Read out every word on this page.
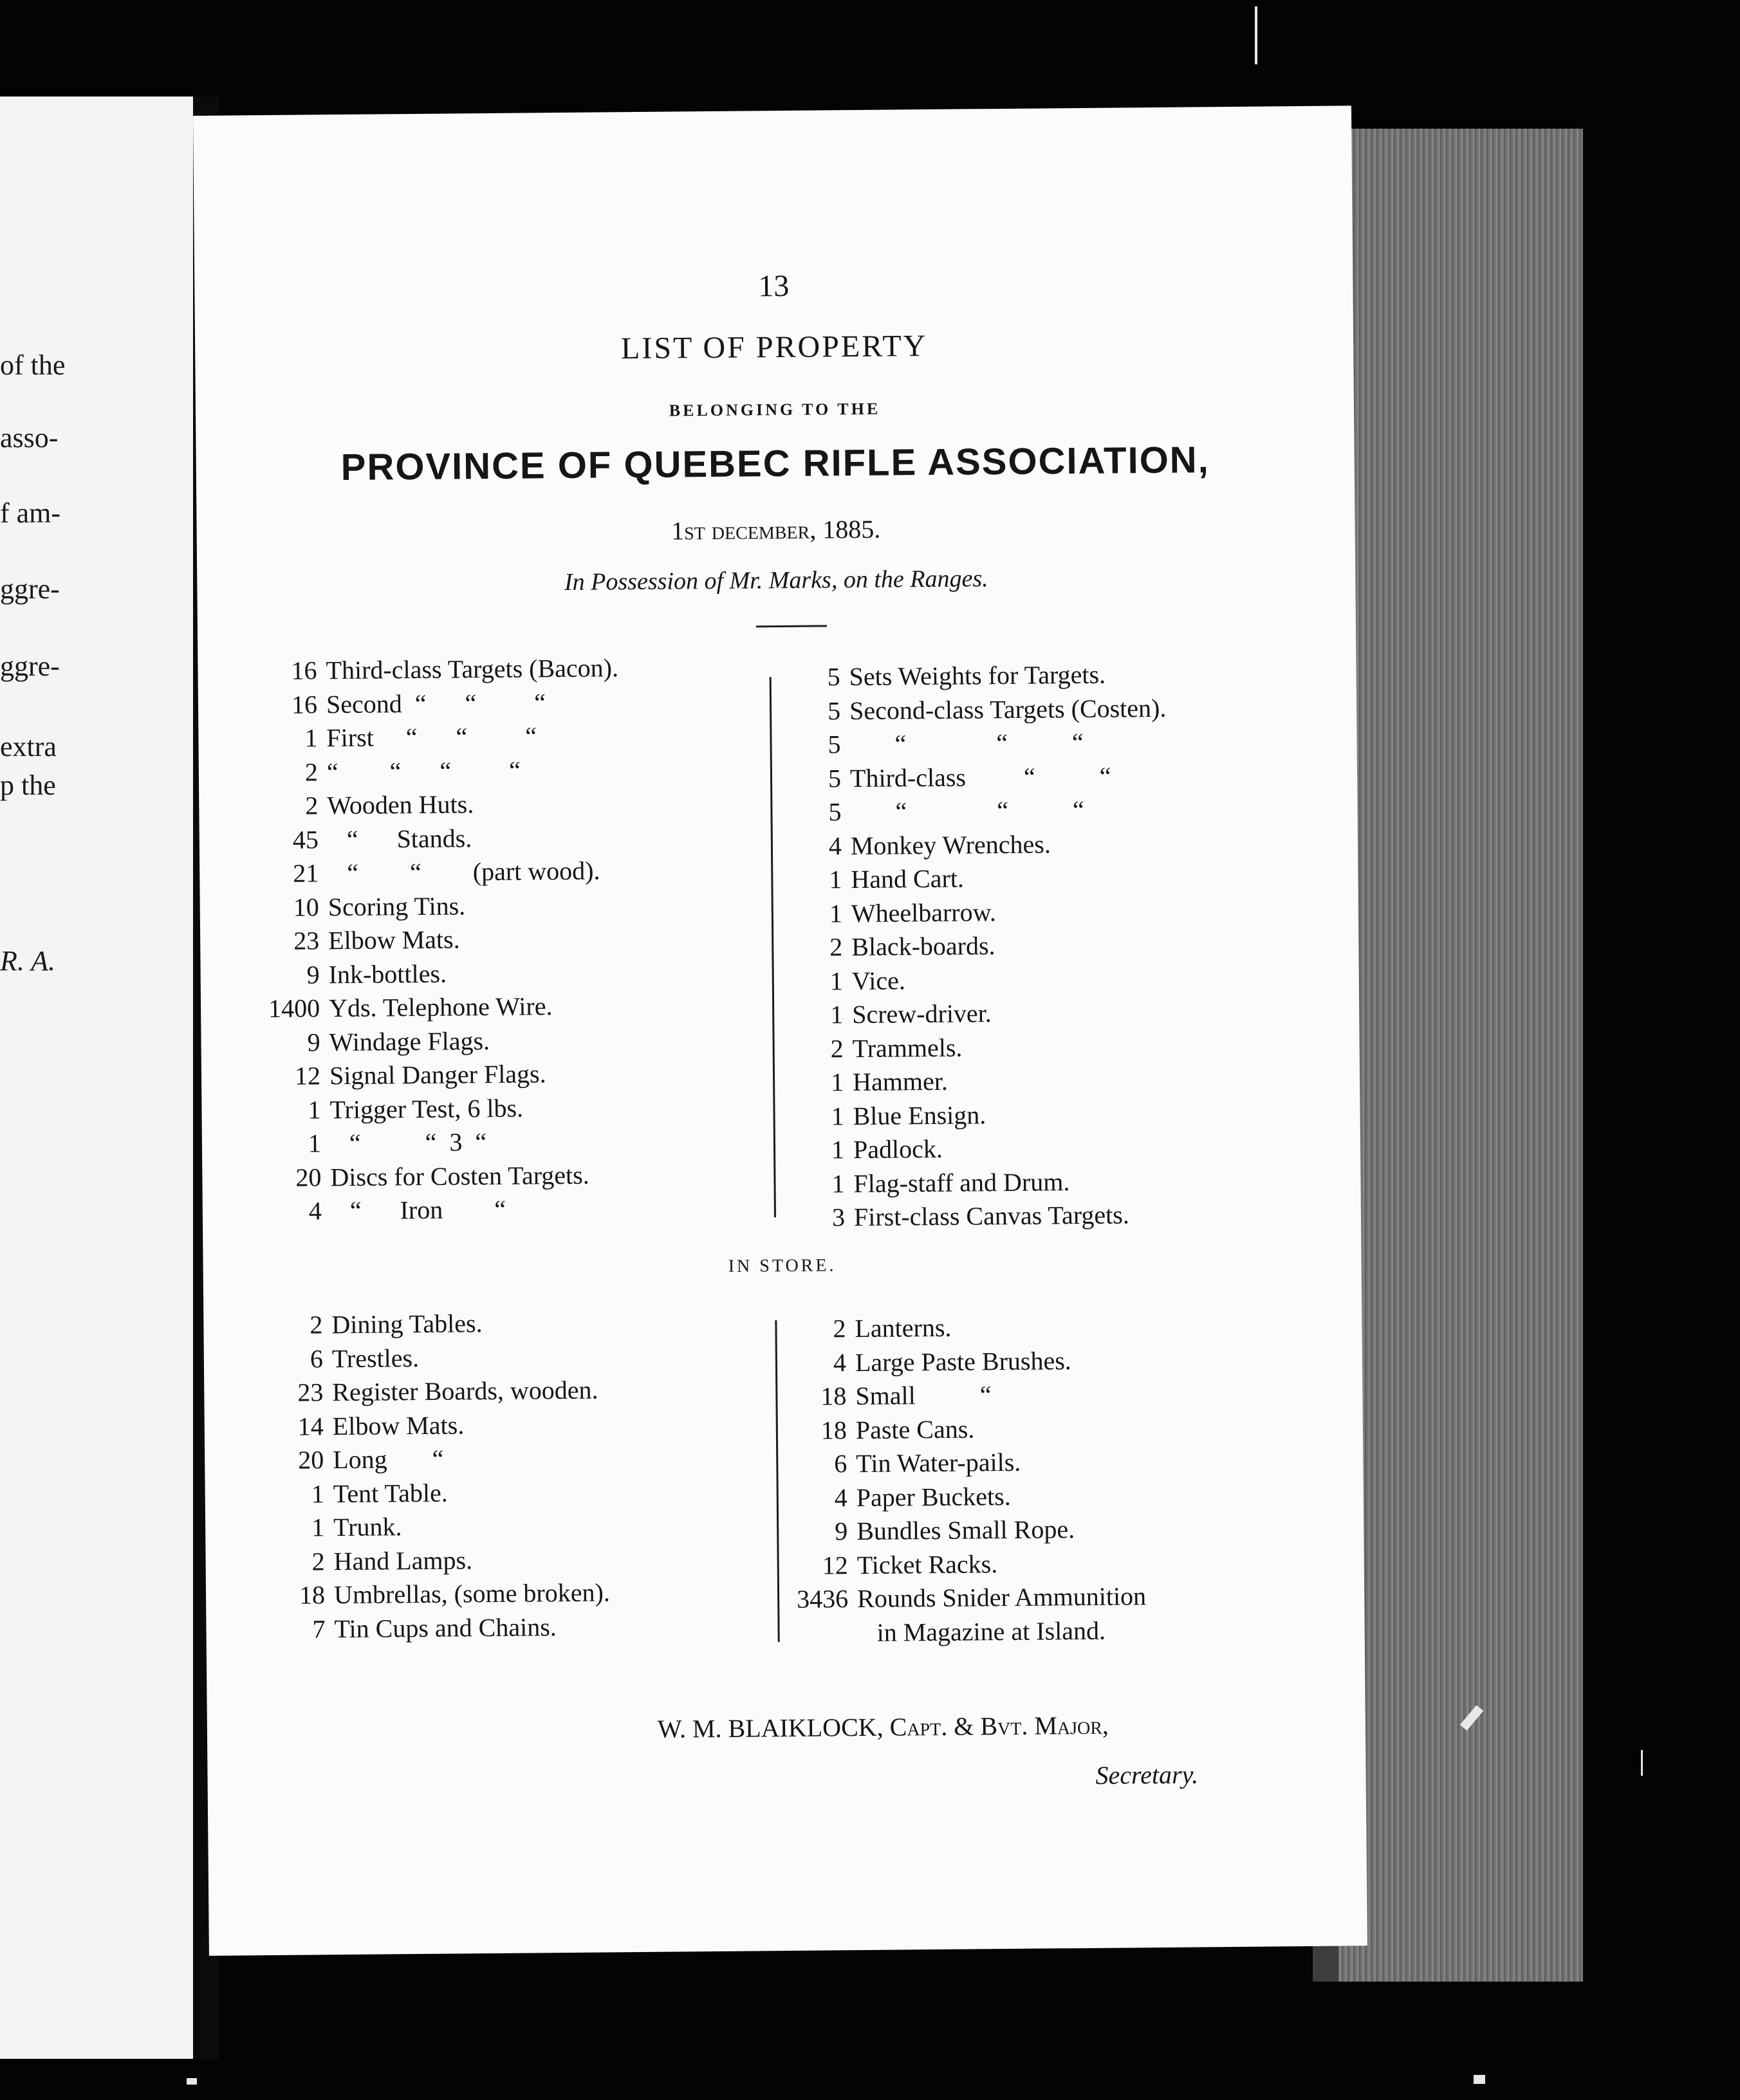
of the
asso-
f am-
ggre-
ggre-
extra
p the
R. A.
13
LIST OF PROPERTY
BELONGING TO THE
PROVINCE OF QUEBEC RIFLE ASSOCIATION,
1st december, 1885.
In Possession of Mr. Marks, on the Ranges.
16 Third-class Targets (Bacon).
16 Second  “      “         “
1 First     “      “         “
2 “        “      “         “
2 Wooden Huts.
45 “      Stands.
21 “        “        (part wood).
10 Scoring Tins.
23 Elbow Mats.
9 Ink-bottles.
1400 Yds. Telephone Wire.
9 Windage Flags.
12 Signal Danger Flags.
1 Trigger Test, 6 lbs.
1 “          “  3  “
20 Discs for Costen Targets.
4 “      Iron        “
5 Sets Weights for Targets.
5 Second-class Targets (Costen).
5 “              “          “
5 Third-class         “          “
5 “              “          “
4 Monkey Wrenches.
1 Hand Cart.
1 Wheelbarrow.
2 Black-boards.
1 Vice.
1 Screw-driver.
2 Trammels.
1 Hammer.
1 Blue Ensign.
1 Padlock.
1 Flag-staff and Drum.
3 First-class Canvas Targets.
IN STORE.
2 Dining Tables.
6 Trestles.
23 Register Boards, wooden.
14 Elbow Mats.
20 Long       “
1 Tent Table.
1 Trunk.
2 Hand Lamps.
18 Umbrellas, (some broken).
7 Tin Cups and Chains.
2 Lanterns.
4 Large Paste Brushes.
18 Small          “
18 Paste Cans.
6 Tin Water-pails.
4 Paper Buckets.
9 Bundles Small Rope.
12 Ticket Racks.
3436 Rounds Snider Ammunition
in Magazine at Island.
W. M. BLAIKLOCK, Capt. & Bvt. Major,
Secretary.
